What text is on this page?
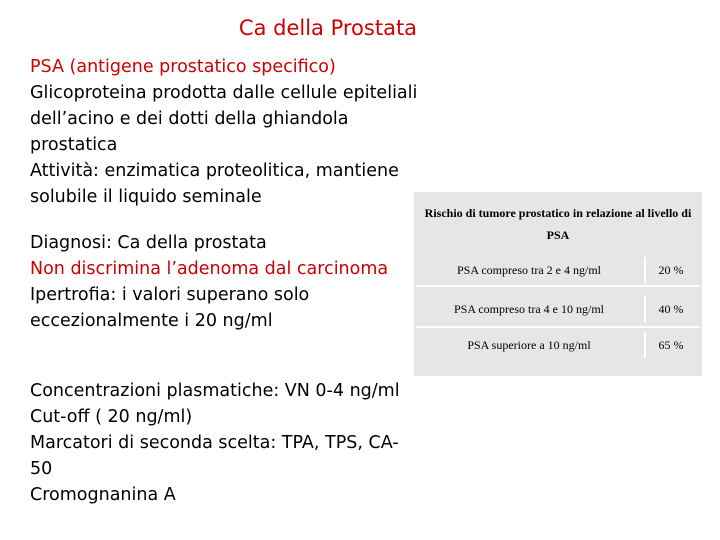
Ca della Prostata
PSA (antigene prostatico specifico)
Glicoproteina prodotta dalle cellule epiteliali
dell’acino e dei dotti della ghiandola
prostatica
Attività: enzimatica proteolitica, mantiene
solubile il liquido seminale
Diagnosi: Ca della prostata
Non discrimina l’adenoma dal carcinoma
Ipertrofia: i valori superano solo
eccezionalmente i 20 ng/ml
Concentrazioni plasmatiche: VN 0-4 ng/ml
Cut-off ( 20 ng/ml)
Marcatori di seconda scelta: TPA, TPS, CA-
50
Cromognanina A
Rischio di tumore prostatico in relazione al livello di
PSA
PSA compreso tra 2 e 4 ng/ml	20 %
PSA compreso tra 4 e 10 ng/ml	40 %
PSA superiore a 10 ng/ml	65 %
